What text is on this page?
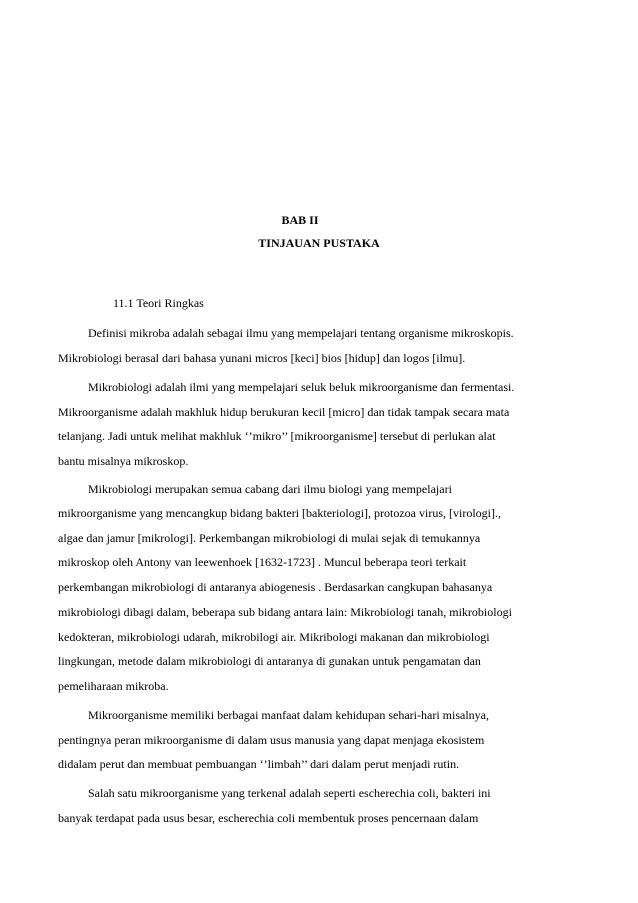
BAB II
TINJAUAN PUSTAKA
11.1 Teori Ringkas
Definisi mikroba adalah sebagai ilmu yang mempelajari tentang organisme mikroskopis.
Mikrobiologi berasal dari bahasa yunani micros [keci] bios [hidup] dan logos [ilmu].
Mikrobiologi adalah ilmi yang mempelajari seluk beluk mikroorganisme dan fermentasi.
Mikroorganisme adalah makhluk hidup berukuran kecil [micro] dan tidak tampak secara mata
telanjang. Jadi untuk melihat makhluk ‘’mikro’’ [mikroorganisme] tersebut di perlukan alat
bantu misalnya mikroskop.
Mikrobiologi merupakan semua cabang dari ilmu biologi yang mempelajari
mikroorganisme yang mencangkup bidang bakteri [bakteriologi], protozoa virus, [virologi].,
algae dan jamur [mikrologi]. Perkembangan mikrobiologi di mulai sejak di temukannya
mikroskop oleh Antony van leewenhoek [1632-1723] . Muncul beberapa teori terkait
perkembangan mikrobiologi di antaranya abiogenesis . Berdasarkan cangkupan bahasanya
mikrobiologi dibagi dalam, beberapa sub bidang antara lain: Mikrobiologi tanah, mikrobiologi
kedokteran, mikrobiologi udarah, mikrobilogi air. Mikribologi makanan dan mikrobiologi
lingkungan, metode dalam mikrobiologi di antaranya di gunakan untuk pengamatan dan
pemeliharaan mikroba.
Mikroorganisme memiliki berbagai manfaat dalam kehidupan sehari-hari misalnya,
pentingnya peran mikroorganisme di dalam usus manusia yang dapat menjaga ekosistem
didalam perut dan membuat pembuangan ‘’limbah’’ dari dalam perut menjadi rutin.
Salah satu mikroorganisme yang terkenal adalah seperti escherechia coli, bakteri ini
banyak terdapat pada usus besar, escherechia coli membentuk proses pencernaan dalam
